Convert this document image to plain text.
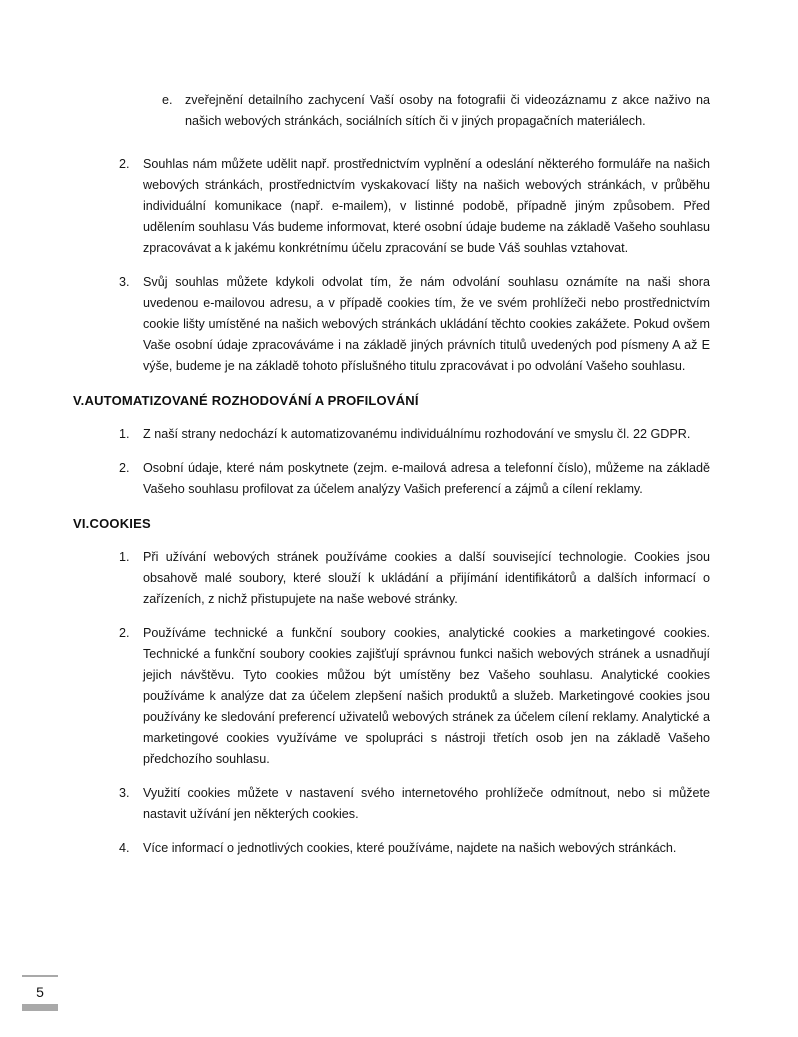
e. zveřejnění detailního zachycení Vaší osoby na fotografii či videozáznamu z akce naživo na našich webových stránkách, sociálních sítích či v jiných propagačních materiálech.
2.	Souhlas nám můžete udělit např. prostřednictvím vyplnění a odeslání některého formuláře na našich webových stránkách, prostřednictvím vyskakovací lišty na našich webových stránkách, v průběhu individuální komunikace (např. e-mailem), v listinné podobě, případně jiným způsobem. Před udělením souhlasu Vás budeme informovat, které osobní údaje budeme na základě Vašeho souhlasu zpracovávat a k jakému konkrétnímu účelu zpracování se bude Váš souhlas vztahovat.
3.	Svůj souhlas můžete kdykoli odvolat tím, že nám odvolání souhlasu oznámíte na naši shora uvedenou e-mailovou adresu, a v případě cookies tím, že ve svém prohlížeči nebo prostřednictvím cookie lišty umístěné na našich webových stránkách ukládání těchto cookies zakážete. Pokud ovšem Vaše osobní údaje zpracováváme i na základě jiných právních titulů uvedených pod písmeny A až E výše, budeme je na základě tohoto příslušného titulu zpracovávat i po odvolání Vašeho souhlasu.
V.AUTOMATIZOVANÉ ROZHODOVÁNÍ A PROFILOVÁNÍ
1.	Z naší strany nedochází k automatizovanému individuálnímu rozhodování ve smyslu čl. 22 GDPR.
2.	Osobní údaje, které nám poskytnete (zejm. e-mailová adresa a telefonní číslo), můžeme na základě Vašeho souhlasu profilovat za účelem analýzy Vašich preferencí a zájmů a cílení reklamy.
VI.COOKIES
1.	Při užívání webových stránek používáme cookies a další související technologie. Cookies jsou obsahově malé soubory, které slouží k ukládání a přijímání identifikátorů a dalších informací o zařízeních, z nichž přistupujete na naše webové stránky.
2.	Používáme technické a funkční soubory cookies, analytické cookies a marketingové cookies. Technické a funkční soubory cookies zajišťují správnou funkci našich webových stránek a usnadňují jejich návštěvu. Tyto cookies můžou být umístěny bez Vašeho souhlasu. Analytické cookies používáme k analýze dat za účelem zlepšení našich produktů a služeb. Marketingové cookies jsou používány ke sledování preferencí uživatelů webových stránek za účelem cílení reklamy. Analytické a marketingové cookies využíváme ve spolupráci s nástroji třetích osob jen na základě Vašeho předchozího souhlasu.
3.	Využití cookies můžete v nastavení svého internetového prohlížeče odmítnout, nebo si můžete nastavit užívání jen některých cookies.
4.	Více informací o jednotlivých cookies, které používáme, najdete na našich webových stránkách.
5
